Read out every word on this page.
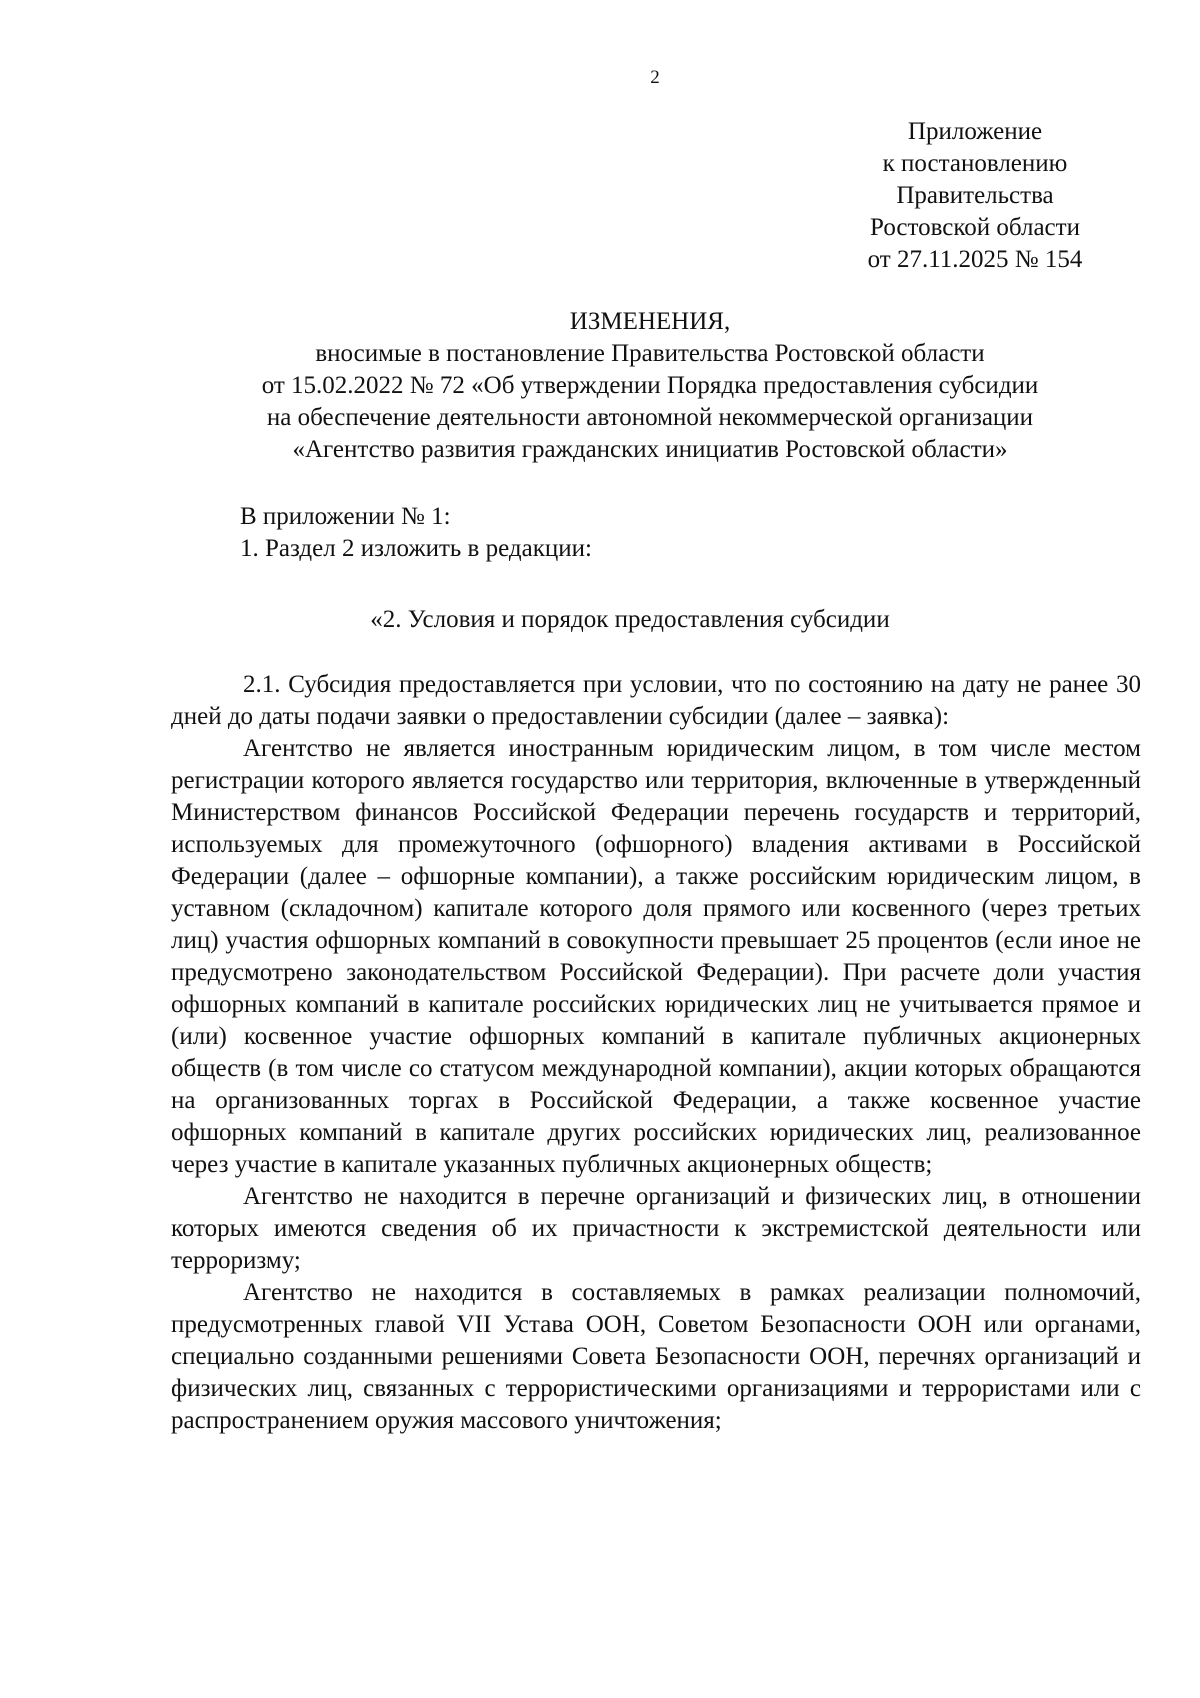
2
Приложение
к постановлению
Правительства
Ростовской области
от 27.11.2025 № 154
ИЗМЕНЕНИЯ,
вносимые в постановление Правительства Ростовской области
от 15.02.2022 № 72 «Об утверждении Порядка предоставления субсидии
на обеспечение деятельности автономной некоммерческой организации
«Агентство развития гражданских инициатив Ростовской области»
В приложении № 1:
1. Раздел 2 изложить в редакции:
«2. Условия и порядок предоставления субсидии

2.1. Субсидия предоставляется при условии, что по состоянию на дату не ранее 30 дней до даты подачи заявки о предоставлении субсидии (далее – заявка):

Агентство не является иностранным юридическим лицом, в том числе местом регистрации которого является государство или территория, включенные в утвержденный Министерством финансов Российской Федерации перечень государств и территорий, используемых для промежуточного (офшорного) владения активами в Российской Федерации (далее – офшорные компании), а также российским юридическим лицом, в уставном (складочном) капитале которого доля прямого или косвенного (через третьих лиц) участия офшорных компаний в совокупности превышает 25 процентов (если иное не предусмотрено законодательством Российской Федерации). При расчете доли участия офшорных компаний в капитале российских юридических лиц не учитывается прямое и (или) косвенное участие офшорных компаний в капитале публичных акционерных обществ (в том числе со статусом международной компании), акции которых обращаются на организованных торгах в Российской Федерации, а также косвенное участие офшорных компаний в капитале других российских юридических лиц, реализованное через участие в капитале указанных публичных акционерных обществ;

Агентство не находится в перечне организаций и физических лиц, в отношении которых имеются сведения об их причастности к экстремистской деятельности или терроризму;

Агентство не находится в составляемых в рамках реализации полномочий, предусмотренных главой VII Устава ООН, Советом Безопасности ООН или органами, специально созданными решениями Совета Безопасности ООН, перечнях организаций и физических лиц, связанных с террористическими организациями и террористами или с распространением оружия массового уничтожения;
